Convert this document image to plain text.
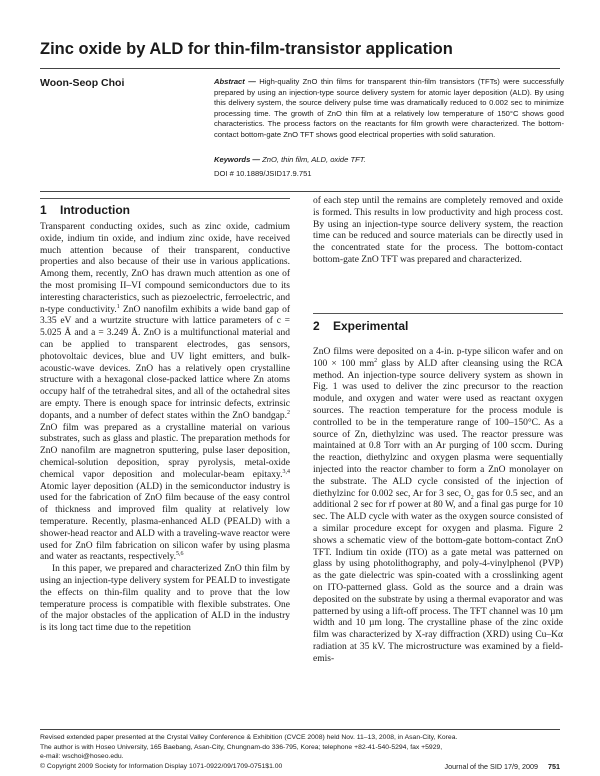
Zinc oxide by ALD for thin-film-transistor application
Woon-Seop Choi	Abstract — High-quality ZnO thin films for transparent thin-film transistors (TFTs) were successfully prepared by using an injection-type source delivery system for atomic layer deposition (ALD). By using this delivery system, the source delivery pulse time was dramatically reduced to 0.002 sec to minimize processing time. The growth of ZnO thin film at a relatively low temperature of 150°C shows good characteristics. The process factors on the reactants for film growth were characterized. The bottom-contact bottom-gate ZnO TFT shows good electrical properties with solid saturation.
Keywords — ZnO, thin film, ALD, oxide TFT.
DOI # 10.1889/JSID17.9.751
1 Introduction

Transparent conducting oxides, such as zinc oxide, cadmium oxide, indium tin oxide, and indium zinc oxide, have received much attention because of their transparent, conductive properties and also because of their use in various applications. Among them, recently, ZnO has drawn much attention as one of the most promising II–VI compound semiconductors due to its interesting characteristics, such as piezoelectric, ferroelectric, and n-type conductivity.$^1$ ZnO nanofilm exhibits a wide band gap of 3.35 eV and a wurtzite structure with lattice parameters of c = 5.025 Å and a = 3.249 Å. ZnO is a multifunctional material and can be applied to transparent electrodes, gas sensors, photovoltaic devices, blue and UV light emitters, and bulk-acoustic-wave devices. ZnO has a relatively open crystalline structure with a hexagonal close-packed lattice where Zn atoms occupy half of the tetrahedral sites, and all of the octahedral sites are empty. There is enough space for intrinsic defects, extrinsic dopants, and a number of defect states within the ZnO bandgap.$^2$ ZnO film was prepared as a crystalline material on various substrates, such as glass and plastic. The preparation methods for ZnO nanofilm are magnetron sputtering, pulse laser deposition, chemical-solution deposition, spray pyrolysis, metal-oxide chemical vapor deposition and molecular-beam epitaxy.$^{3,4}$ Atomic layer deposition (ALD) in the semiconductor industry is used for the fabrication of ZnO film because of the easy control of thickness and improved film quality at relatively low temperature. Recently, plasma-enhanced ALD (PEALD) with a shower-head reactor and ALD with a traveling-wave reactor were used for ZnO film fabrication on silicon wafer by using plasma and water as reactants, respectively.$^{5,6}$

In this paper, we prepared and characterized ZnO thin film by using an injection-type delivery system for PEALD to investigate the effects on thin-film quality and to prove that the low temperature process is compatible with flexible substrates. One of the major obstacles of the application of ALD in the industry is its long tact time due to the repetition

of each step until the remains are completely removed and oxide is formed. This results in low productivity and high process cost. By using an injection-type source delivery system, the reaction time can be reduced and source materials can be directly used in the concentrated state for the process. The bottom-contact bottom-gate ZnO TFT was prepared and characterized.

2 Experimental

ZnO films were deposited on a 4-in. p-type silicon wafer and on 100 × 100 $mm^2$ glass by ALD after cleansing using the RCA method. An injection-type source delivery system as shown in Fig. 1 was used to deliver the zinc precursor to the reaction module, and oxygen and water were used as reactant oxygen sources. The reaction temperature for the process module is controlled to be in the temperature range of 100–150°C. As a source of Zn, diethylzinc was used. The reactor pressure was maintained at 0.8 Torr with an Ar purging of 100 sccm. During the reaction, diethylzinc and oxygen plasma were sequentially injected into the reactor chamber to form a ZnO monolayer on the substrate. The ALD cycle consisted of the injection of diethylzinc for 0.002 sec, Ar for 3 sec, $O_2$ gas for 0.5 sec, and an additional 2 sec for rf power at 80 W, and a final gas purge for 10 sec. The ALD cycle with water as the oxygen source consisted of a similar procedure except for oxygen and plasma. Figure 2 shows a schematic view of the bottom-gate bottom-contact ZnO TFT. Indium tin oxide (ITO) as a gate metal was patterned on glass by using photolithography, and poly-4-vinylphenol (PVP) as the gate dielectric was spin-coated with a crosslinking agent on ITO-patterned glass. Gold as the source and a drain was deposited on the substrate by using a thermal evaporator and was patterned by using a lift-off process. The TFT channel was 10 µm width and 10 µm long. The crystalline phase of the zinc oxide film was characterized by X-ray diffraction (XRD) using Cu–Kα radiation at 35 kV. The microstructure was examined by a field-emis-

Revised extended paper presented at the Crystal Valley Conference & Exhibition (CVCE 2008) held Nov. 11–13, 2008, in Asan-City, Korea.
The author is with Hoseo University, 165 Baebang, Asan-City, Chungnam-do 336-795, Korea; telephone +82-41-540-5294, fax +5929,
e-mail: wschoi@hoseo.edu.
© Copyright 2009 Society for Information Display 1071-0922/09/1709-0751$1.00	Journal of the SID 17/9, 2009 751
